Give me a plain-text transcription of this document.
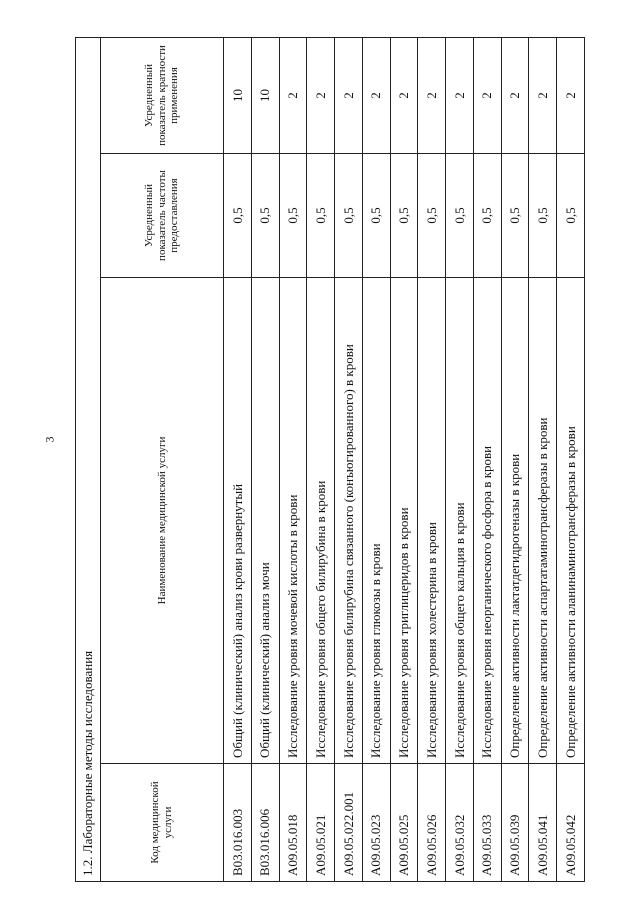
3
1.2. Лабораторные методы исследования			
Код медицинской услуги	Наименование медицинской услуги	Усредненный показатель частоты предоставления	Усредненный показатель кратности применения
B03.016.003	Общий (клинический) анализ крови развернутый	0,5	10
B03.016.006	Общий (клинический) анализ мочи	0,5	10
A09.05.018	Исследование уровня мочевой кислоты в крови	0,5	2
A09.05.021	Исследование уровня общего билирубина в крови	0,5	2
A09.05.022.001	Исследование уровня билирубина связанного (конъюгированного) в крови	0,5	2
A09.05.023	Исследование уровня глюкозы в крови	0,5	2
A09.05.025	Исследование уровня триглицеридов в крови	0,5	2
A09.05.026	Исследование уровня холестерина в крови	0,5	2
A09.05.032	Исследование уровня общего кальция в крови	0,5	2
A09.05.033	Исследование уровня неорганического фосфора в крови	0,5	2
A09.05.039	Определение активности лактатдегидрогеназы в крови	0,5	2
A09.05.041	Определение активности аспартатаминотрансферазы в крови	0,5	2
A09.05.042	Определение активности аланинаминотрансферазы в крови	0,5	2
